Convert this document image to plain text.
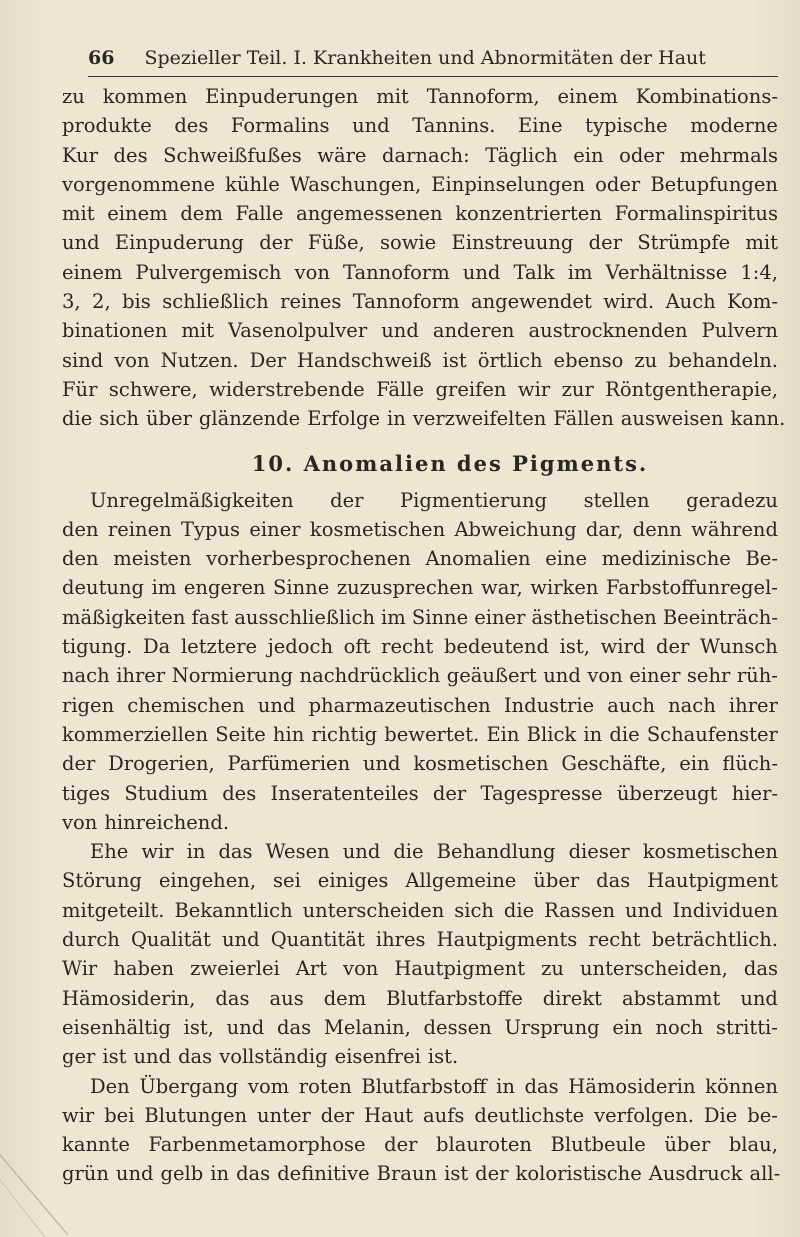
66 Spezieller Teil. I. Krankheiten und Abnormitäten der Haut
zu kommen Einpuderungen mit Tannoform, einem Kombinations-
produkte des Formalins und Tannins. Eine typische moderne
Kur des Schweißfußes wäre darnach: Täglich ein oder mehrmals
vorgenommene kühle Waschungen, Einpinselungen oder Betupfungen
mit einem dem Falle angemessenen konzentrierten Formalinspiritus
und Einpuderung der Füße, sowie Einstreuung der Strümpfe mit
einem Pulvergemisch von Tannoform und Talk im Verhältnisse 1:4,
3, 2, bis schließlich reines Tannoform angewendet wird. Auch Kom-
binationen mit Vasenolpulver und anderen austrocknenden Pulvern
sind von Nutzen. Der Handschweiß ist örtlich ebenso zu behandeln.
Für schwere, widerstrebende Fälle greifen wir zur Röntgentherapie,
die sich über glänzende Erfolge in verzweifelten Fällen ausweisen kann.
10. Anomalien des Pigments.
Unregelmäßigkeiten der Pigmentierung stellen geradezu
den reinen Typus einer kosmetischen Abweichung dar, denn während
den meisten vorherbesprochenen Anomalien eine medizinische Be-
deutung im engeren Sinne zuzusprechen war, wirken Farbstoffunregel-
mäßigkeiten fast ausschließlich im Sinne einer ästhetischen Beeinträch-
tigung. Da letztere jedoch oft recht bedeutend ist, wird der Wunsch
nach ihrer Normierung nachdrücklich geäußert und von einer sehr rüh-
rigen chemischen und pharmazeutischen Industrie auch nach ihrer
kommerziellen Seite hin richtig bewertet. Ein Blick in die Schaufenster
der Drogerien, Parfümerien und kosmetischen Geschäfte, ein flüch-
tiges Studium des Inseratenteiles der Tagespresse überzeugt hier-
von hinreichend.
Ehe wir in das Wesen und die Behandlung dieser kosmetischen
Störung eingehen, sei einiges Allgemeine über das Hautpigment
mitgeteilt. Bekanntlich unterscheiden sich die Rassen und Individuen
durch Qualität und Quantität ihres Hautpigments recht beträchtlich.
Wir haben zweierlei Art von Hautpigment zu unterscheiden, das
Hämosiderin, das aus dem Blutfarbstoffe direkt abstammt und
eisenhältig ist, und das Melanin, dessen Ursprung ein noch stritti-
ger ist und das vollständig eisenfrei ist.
Den Übergang vom roten Blutfarbstoff in das Hämosiderin können
wir bei Blutungen unter der Haut aufs deutlichste verfolgen. Die be-
kannte Farbenmetamorphose der blauroten Blutbeule über blau,
grün und gelb in das definitive Braun ist der koloristische Ausdruck all-
